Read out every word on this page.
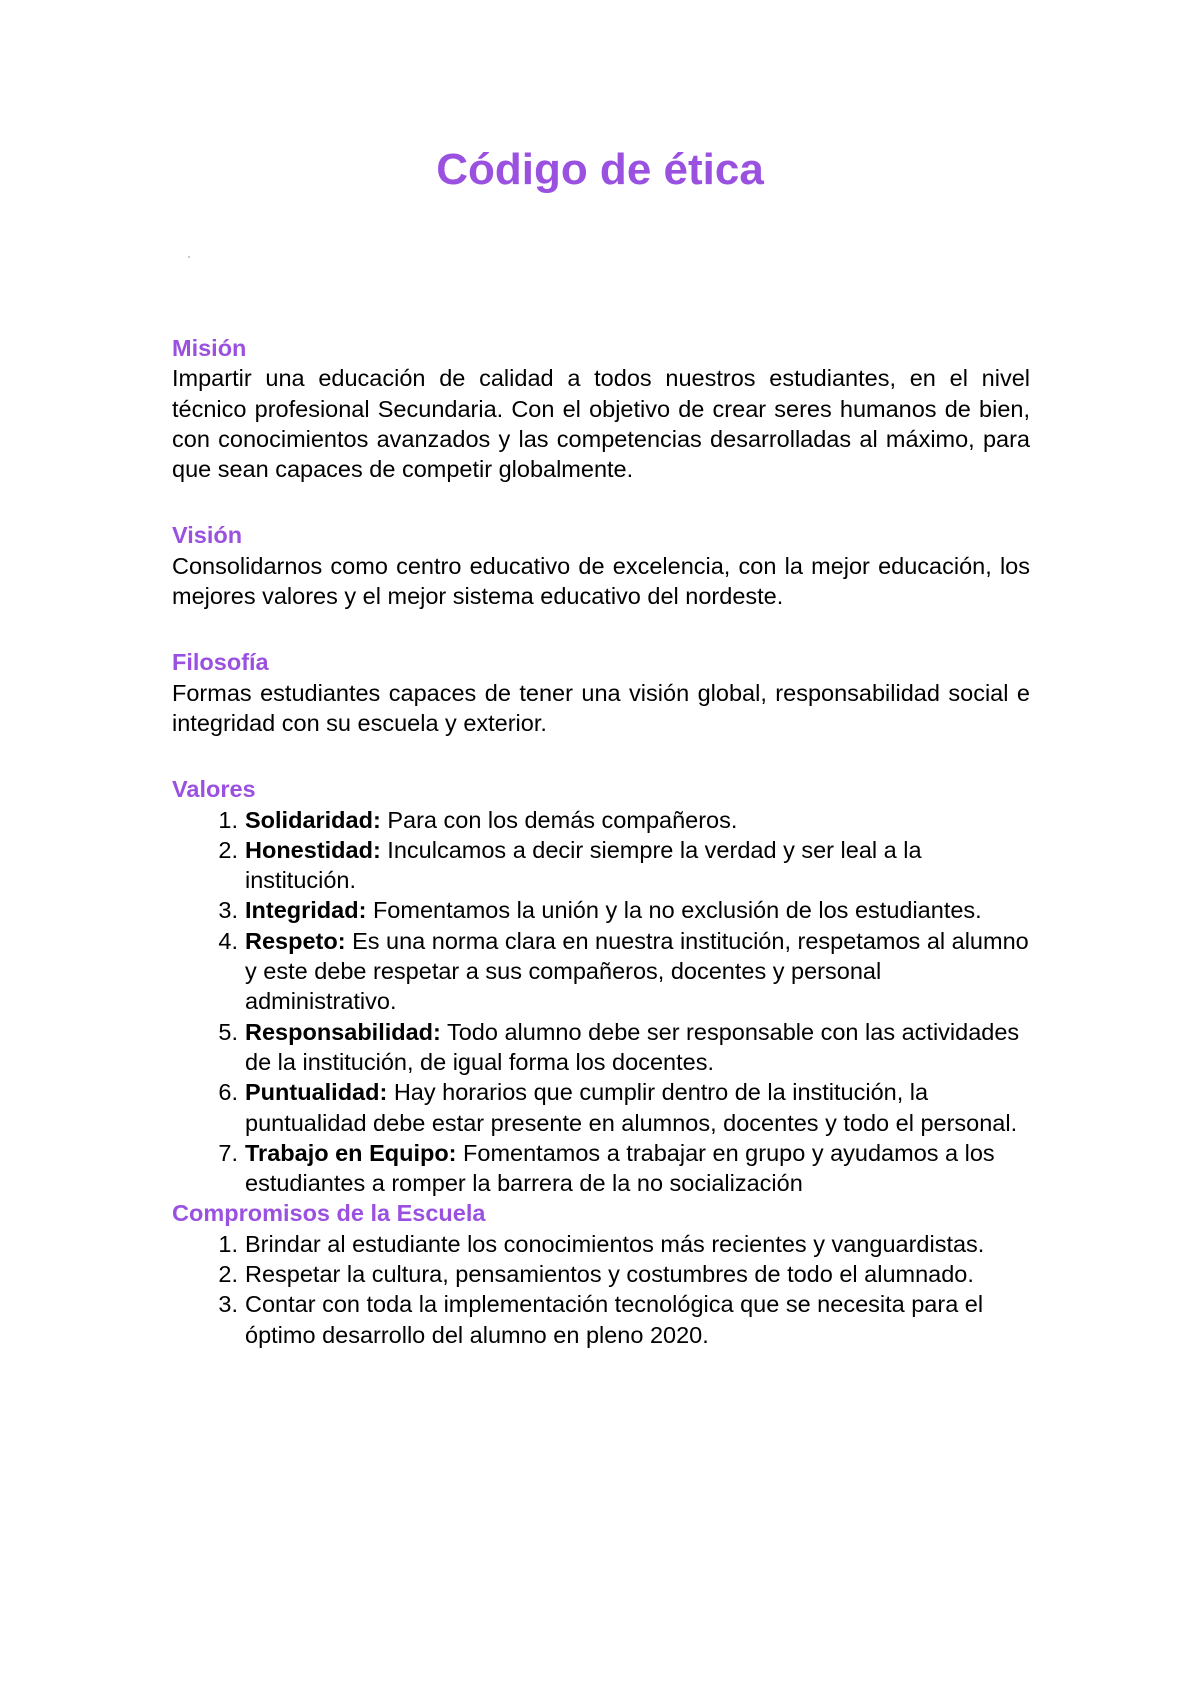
Código de ética
Misión

Impartir una educación de calidad a todos nuestros estudiantes, en el nivel técnico profesional Secundaria. Con el objetivo de crear seres humanos de bien, con conocimientos avanzados y las competencias desarrolladas al máximo, para que sean capaces de competir globalmente.

Visión

Consolidarnos como centro educativo de excelencia, con la mejor educación, los mejores valores y el mejor sistema educativo del nordeste.

Filosofía

Formas estudiantes capaces de tener una visión global, responsabilidad social e integridad con su escuela y exterior.

Valores
1. Solidaridad: Para con los demás compañeros.
2. Honestidad: Inculcamos a decir siempre la verdad y ser leal a la institución.
3. Integridad: Fomentamos la unión y la no exclusión de los estudiantes.
4. Respeto: Es una norma clara en nuestra institución, respetamos al alumno y este debe respetar a sus compañeros, docentes y personal administrativo.
5. Responsabilidad: Todo alumno debe ser responsable con las actividades de la institución, de igual forma los docentes.
6. Puntualidad: Hay horarios que cumplir dentro de la institución, la puntualidad debe estar presente en alumnos, docentes y todo el personal.
7. Trabajo en Equipo: Fomentamos a trabajar en grupo y ayudamos a los estudiantes a romper la barrera de la no socialización
Compromisos de la Escuela
1. Brindar al estudiante los conocimientos más recientes y vanguardistas.
2. Respetar la cultura, pensamientos y costumbres de todo el alumnado.
3. Contar con toda la implementación tecnológica que se necesita para el óptimo desarrollo del alumno en pleno 2020.
